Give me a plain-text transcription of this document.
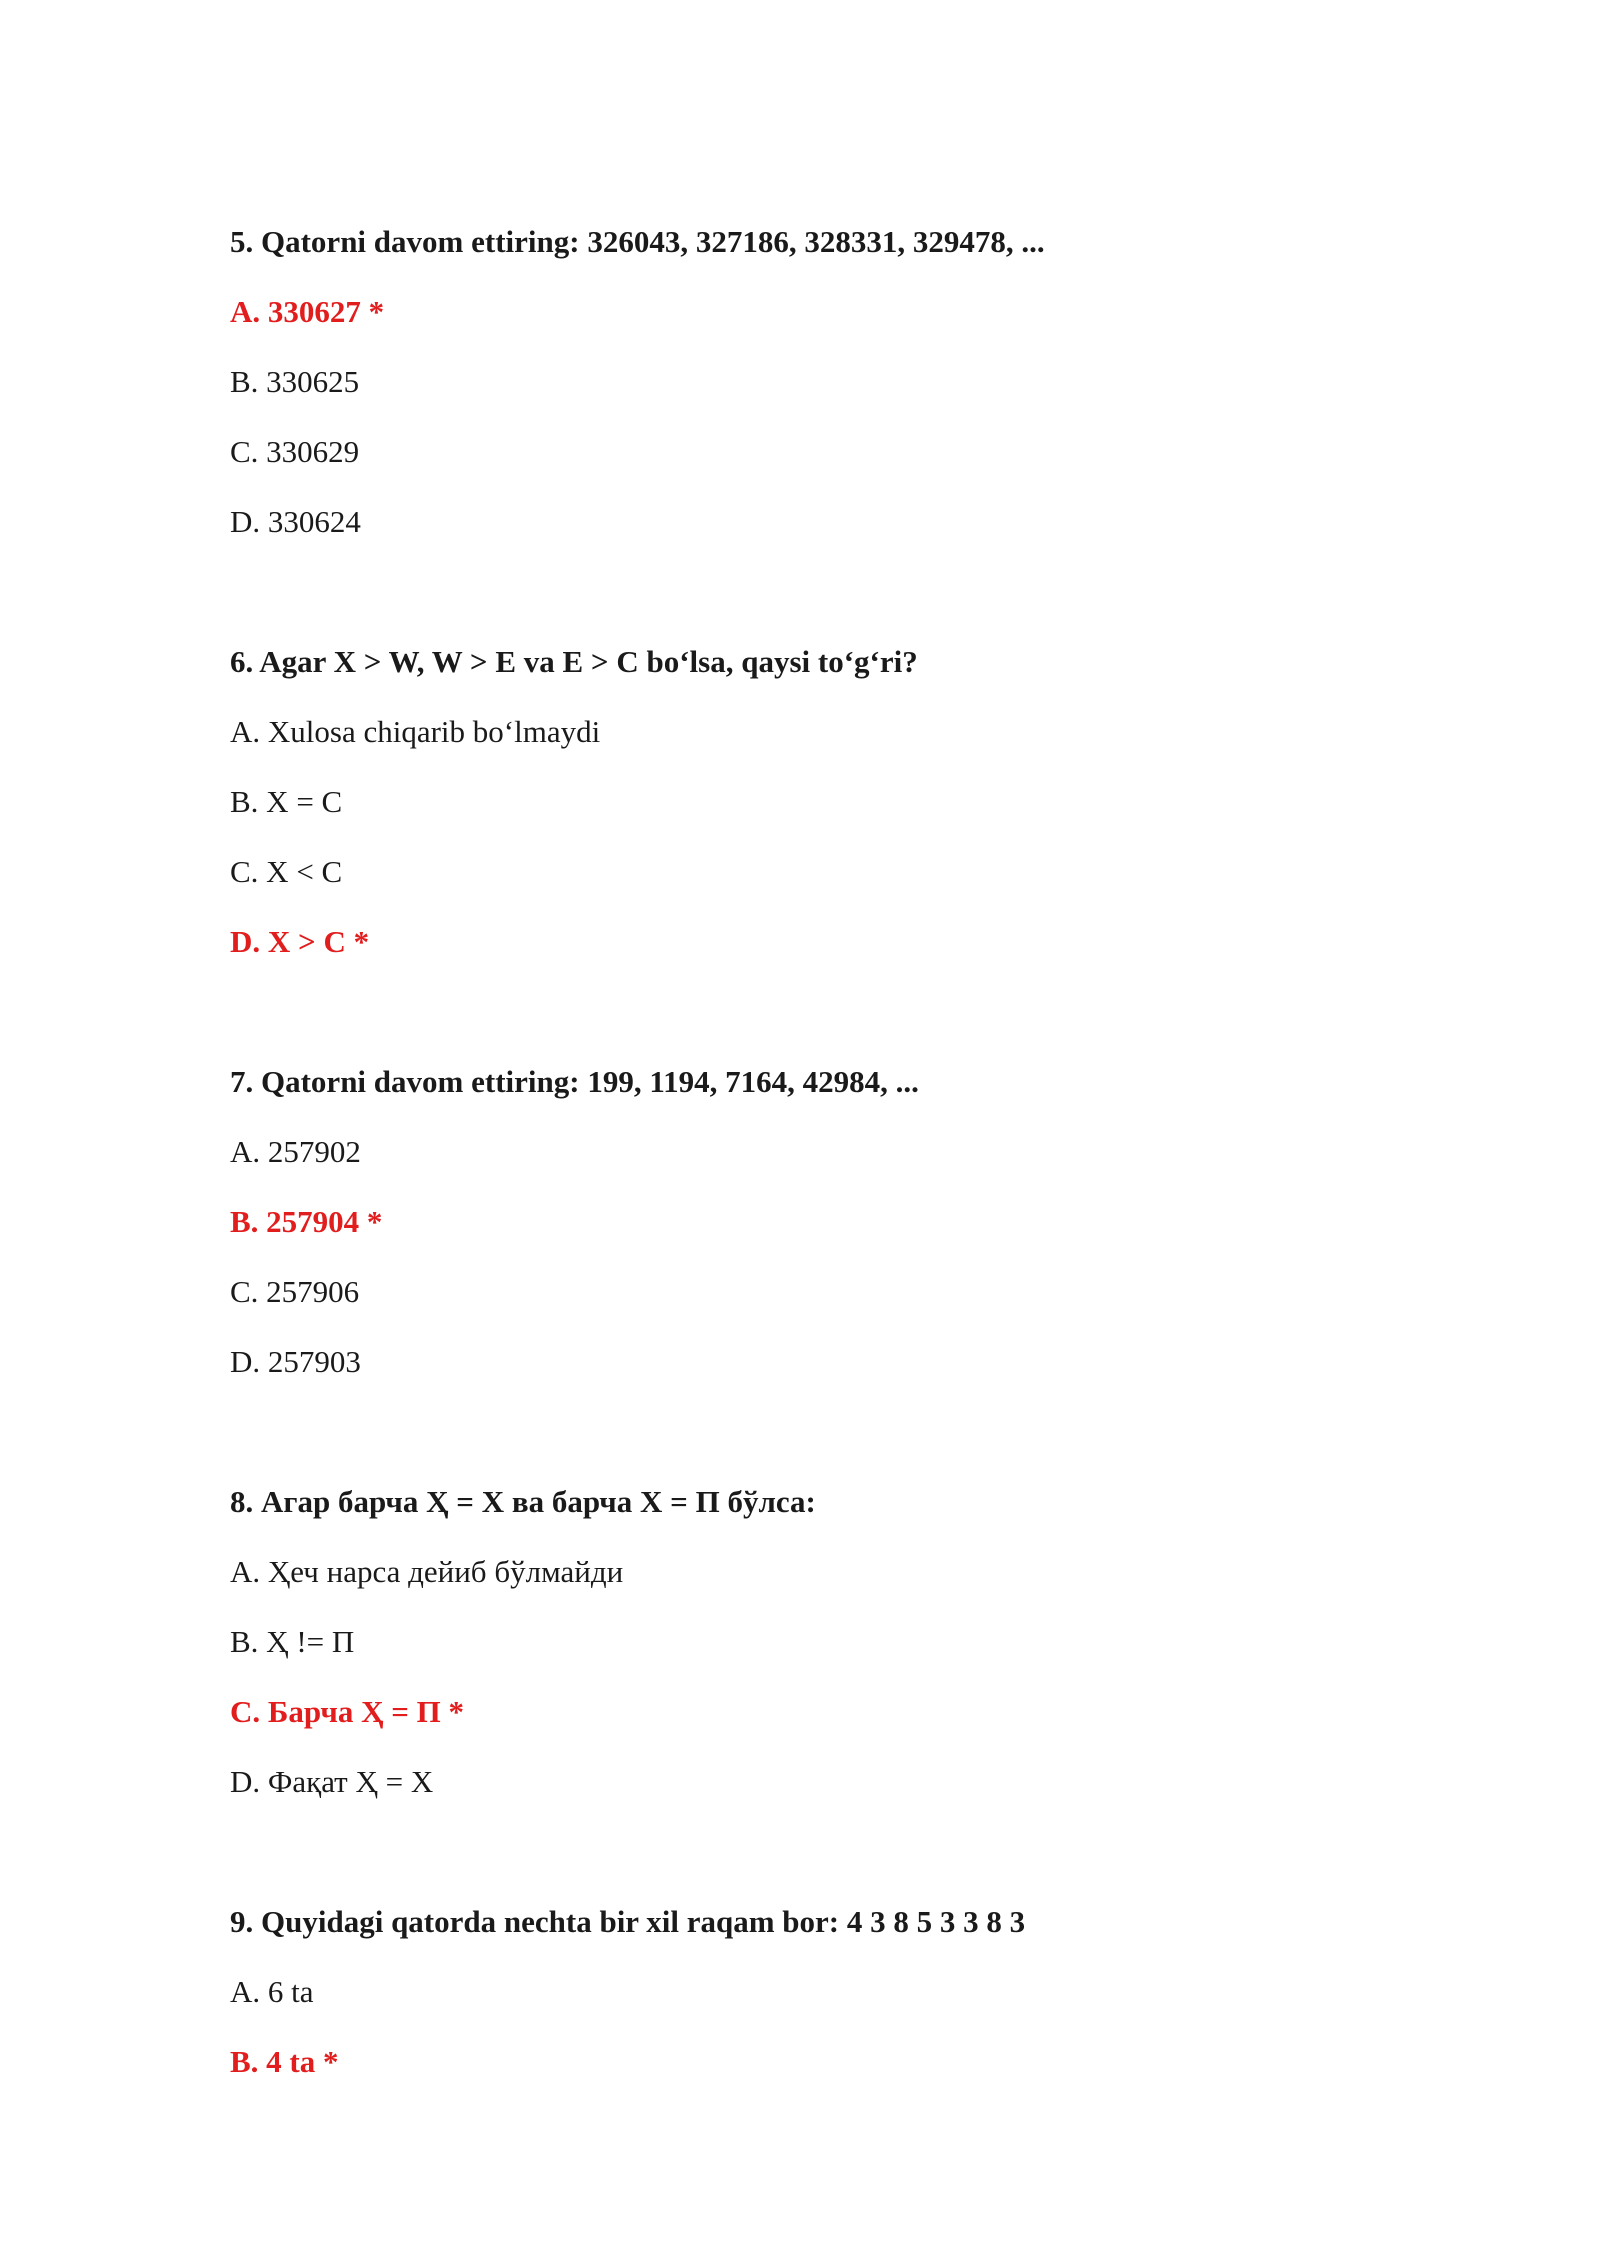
5. Qatorni davom ettiring: 326043, 327186, 328331, 329478, ...
A. 330627 *
B. 330625
C. 330629
D. 330624
6. Agar X > W, W > E va E > C bo‘lsa, qaysi to‘g‘ri?
A. Xulosa chiqarib bo‘lmaydi
B. X = C
C. X < C
D. X > C *
7. Qatorni davom ettiring: 199, 1194, 7164, 42984, ...
A. 257902
B. 257904 *
C. 257906
D. 257903
8. Агар барча Ҳ = Х ва барча Х = П бўлса:
A. Ҳеч нарса дейиб бўлмайди
B. Ҳ != П
C. Барча Ҳ = П *
D. Фақат Ҳ = Х
9. Quyidagi qatorda nechta bir xil raqam bor: 4 3 8 5 3 3 8 3
A. 6 ta
B. 4 ta *
